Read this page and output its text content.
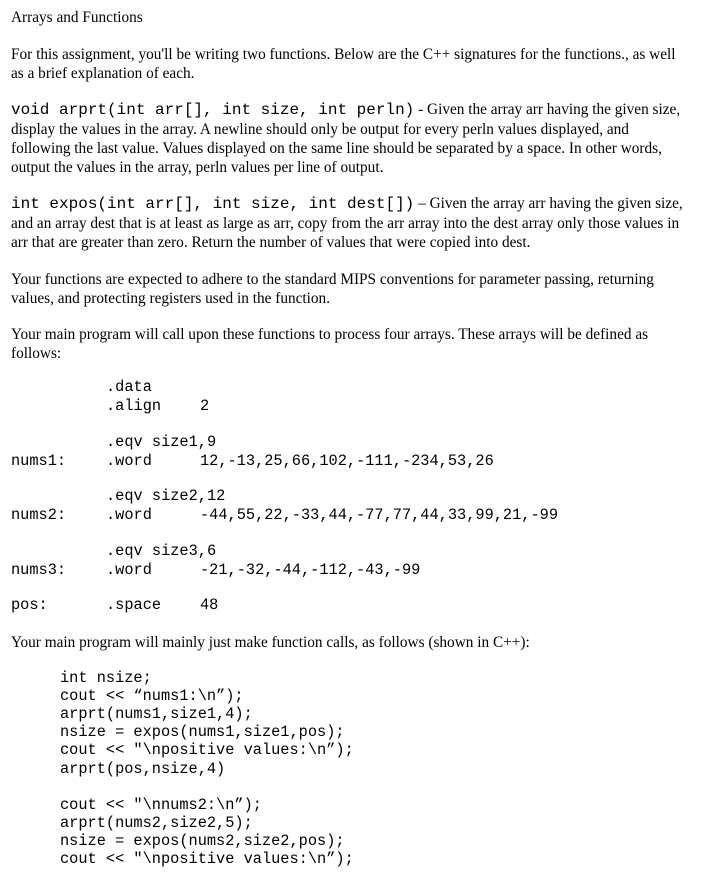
Arrays and Functions

For this assignment, you'll be writing two functions. Below are the C++ signatures for the functions., as well as a brief explanation of each.

void arprt(int arr[], int size, int perln) - Given the array arr having the given size, display the values in the array. A newline should only be output for every perln values displayed, and following the last value. Values displayed on the same line should be separated by a space. In other words, output the values in the array, perln values per line of output.

int expos(int arr[], int size, int dest[]) – Given the array arr having the given size, and an array dest that is at least as large as arr, copy from the arr array into the dest array only those values in arr that are greater than zero. Return the number of values that were copied into dest.

Your functions are expected to adhere to the standard MIPS conventions for parameter passing, returning values, and protecting registers used in the function.

Your main program will call upon these functions to process four arrays. These arrays will be defined as follows:

.data
.align	2
.eqv size1,9
nums1:	.word	12,-13,25,66,102,-111,-234,53,26
.eqv size2,12
nums2:	.word	-44,55,22,-33,44,-77,77,44,33,99,21,-99
.eqv size3,6
nums3:	.word	-21,-32,-44,-112,-43,-99
pos:	.space	48

Your main program will mainly just make function calls, as follows (shown in C++):

int nsize;
cout << “nums1:\n”);
arprt(nums1,size1,4);
nsize = expos(nums1,size1,pos);
cout << "\npositive values:\n”);
arprt(pos,nsize,4)
cout << "\nnums2:\n”);
arprt(nums2,size2,5);
nsize = expos(nums2,size2,pos);
cout << "\npositive values:\n”);
